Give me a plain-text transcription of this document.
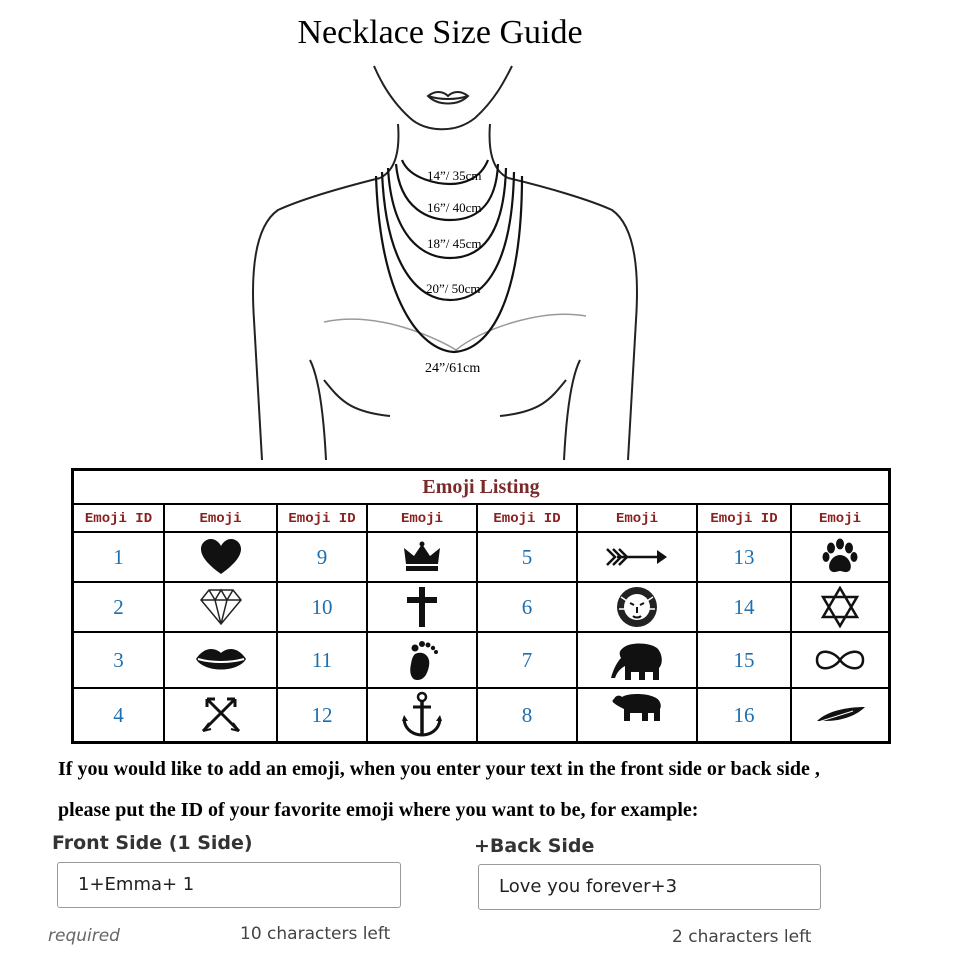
Necklace Size Guide
14”/ 35cm
16”/ 40cm
18”/ 45cm
20”/ 50cm
24”/61cm
Emoji Listing
Emoji ID	Emoji	Emoji ID	Emoji	Emoji ID	Emoji	Emoji ID	Emoji
1	9	5	13
2	10	6	14
3	11	7	15
4	12	8	16
If you would like to add an emoji, when you enter your text in the front side or back side ,
please put the ID of your favorite emoji where you want to be, for example:
Front Side (1 Side)
1+Emma+ 1
required	10 characters left
+Back Side
Love you forever+3
2 characters left
